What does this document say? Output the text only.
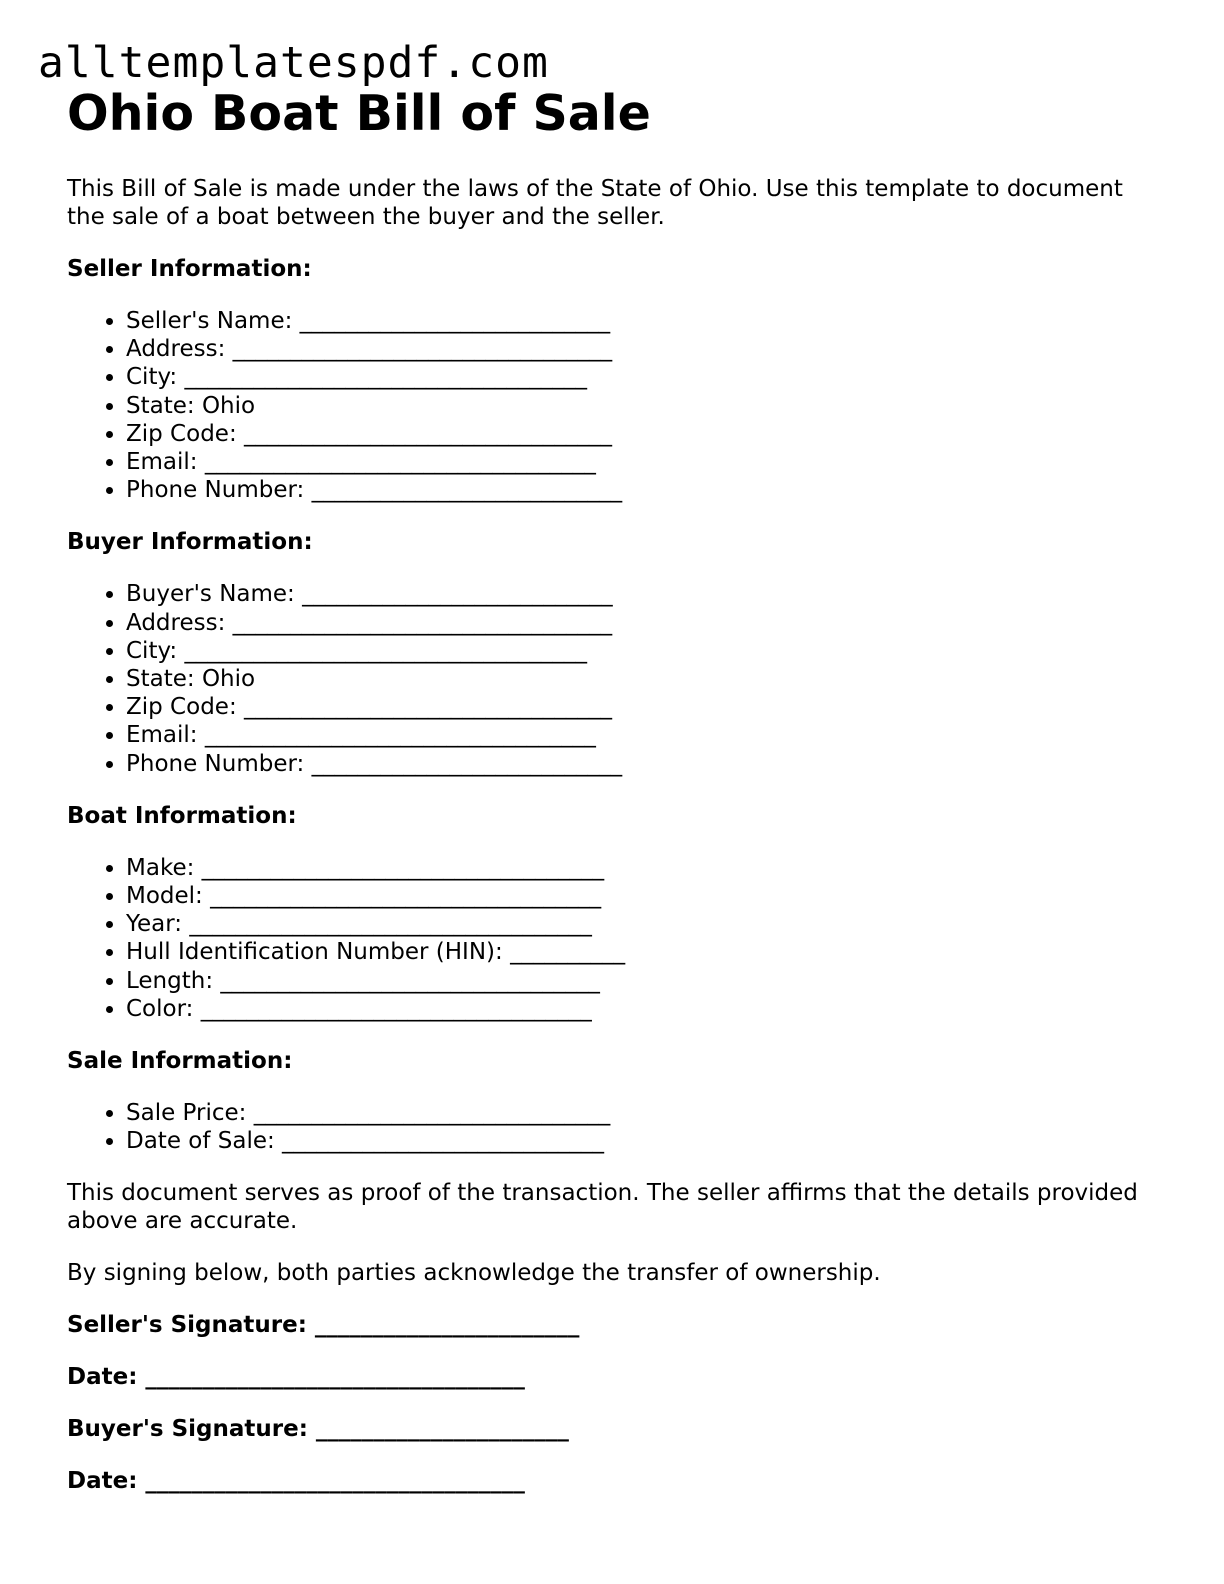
alltemplatespdf.com
Ohio Boat Bill of Sale

This Bill of Sale is made under the laws of the State of Ohio. Use this template to document the sale of a boat between the buyer and the seller.

Seller Information:
• Seller's Name: ___________________________
• Address: _________________________________
• City: ___________________________________
• State: Ohio
• Zip Code: ________________________________
• Email: __________________________________
• Phone Number: ___________________________
Buyer Information:
• Buyer's Name: ___________________________
• Address: _________________________________
• City: ___________________________________
• State: Ohio
• Zip Code: ________________________________
• Email: __________________________________
• Phone Number: ___________________________
Boat Information:
• Make: ___________________________________
• Model: __________________________________
• Year: ___________________________________
• Hull Identification Number (HIN): __________
• Length: _________________________________
• Color: __________________________________
Sale Information:
• Sale Price: _______________________________
• Date of Sale: ____________________________

This document serves as proof of the transaction. The seller affirms that the details provided above are accurate.

By signing below, both parties acknowledge the transfer of ownership.

Seller's Signature: _______________________
Date: _________________________________
Buyer's Signature: ______________________
Date: _________________________________
